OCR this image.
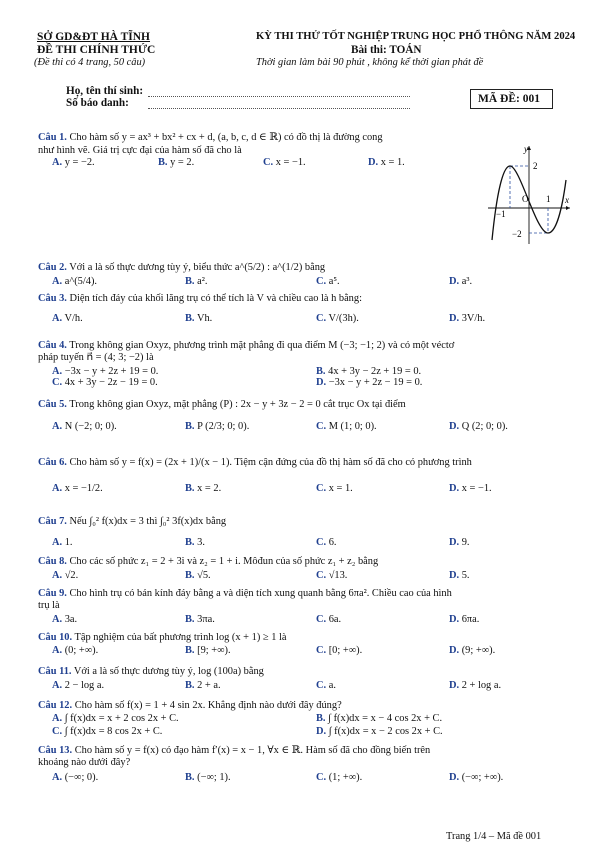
SỞ GD&ĐT HÀ TĨNH
ĐỀ THI CHÍNH THỨC
(Đề thi có 4 trang, 50 câu)
KỲ THI THỬ TỐT NGHIỆP TRUNG HỌC PHỔ THÔNG NĂM 2024
Bài thi: TOÁN
Thời gian làm bài 90 phút , không kể thời gian phát đề
Họ, tên thí sinh:
Số báo danh:	MÃ ĐỀ: 001
Câu 1. Cho hàm số y = ax³ + bx² + cx + d, (a, b, c, d ∈ ℝ) có đồ thị là đường cong
như hình vẽ. Giá trị cực đại của hàm số đã cho là
A. y = −2.	B. y = 2.	C. x = −1.	D. x = 1.
y
x
2
O 1
−1
−2
Câu 2. Với a là số thực dương tùy ý, biểu thức a^(5/2) : a^(1/2) bằng
A. a^(5/4).	B. a².	C. a⁵.	D. a³.
Câu 3. Diện tích đáy của khối lăng trụ có thể tích là V và chiều cao là h bằng:
A. V/h.	B. Vh.	C. V/(3h).	D. 3V/h.
Câu 4. Trong không gian Oxyz, phương trình mặt phẳng đi qua điểm M (−3; −1; 2) và có một véctơ
pháp tuyến n⃗ = (4; 3; −2) là
A. −3x − y + 2z + 19 = 0.	B. 4x + 3y − 2z + 19 = 0.
C. 4x + 3y − 2z − 19 = 0.	D. −3x − y + 2z − 19 = 0.
Câu 5. Trong không gian Oxyz, mặt phẳng (P) : 2x − y + 3z − 2 = 0 cắt trục Ox tại điểm
A. N (−2; 0; 0).	B. P (2/3; 0; 0).	C. M (1; 0; 0).	D. Q (2; 0; 0).
Câu 6. Cho hàm số y = f(x) = (2x + 1)/(x − 1). Tiệm cận đứng của đồ thị hàm số đã cho có phương trình
A. x = −1/2.	B. x = 2.	C. x = 1.	D. x = −1.
Câu 7. Nếu ∫₀² f(x)dx = 3 thì ∫₀² 3f(x)dx bằng
A. 1.	B. 3.	C. 6.	D. 9.
Câu 8. Cho các số phức z₁ = 2 + 3i và z₂ = 1 + i. Môđun của số phức z₁ + z₂ bằng
A. √2.	B. √5.	C. √13.	D. 5.
Câu 9. Cho hình trụ có bán kính đáy bằng a và diện tích xung quanh bằng 6πa². Chiều cao của hình
trụ là
A. 3a.	B. 3πa.	C. 6a.	D. 6πa.
Câu 10. Tập nghiệm của bất phương trình log (x + 1) ≥ 1 là
A. (0; +∞).	B. [9; +∞).	C. [0; +∞).	D. (9; +∞).
Câu 11. Với a là số thực dương tùy ý, log (100a) bằng
A. 2 − log a.	B. 2 + a.	C. a.	D. 2 + log a.
Câu 12. Cho hàm số f(x) = 1 + 4 sin 2x. Khẳng định nào dưới đây đúng?
A. ∫ f(x)dx = x + 2 cos 2x + C.	B. ∫ f(x)dx = x − 4 cos 2x + C.
C. ∫ f(x)dx = 8 cos 2x + C.	D. ∫ f(x)dx = x − 2 cos 2x + C.
Câu 13. Cho hàm số y = f(x) có đạo hàm f′(x) = x − 1, ∀x ∈ ℝ. Hàm số đã cho đồng biến trên
khoảng nào dưới đây?
A. (−∞; 0).	B. (−∞; 1).	C. (1; +∞).	D. (−∞; +∞).
Trang 1/4 – Mã đề 001
